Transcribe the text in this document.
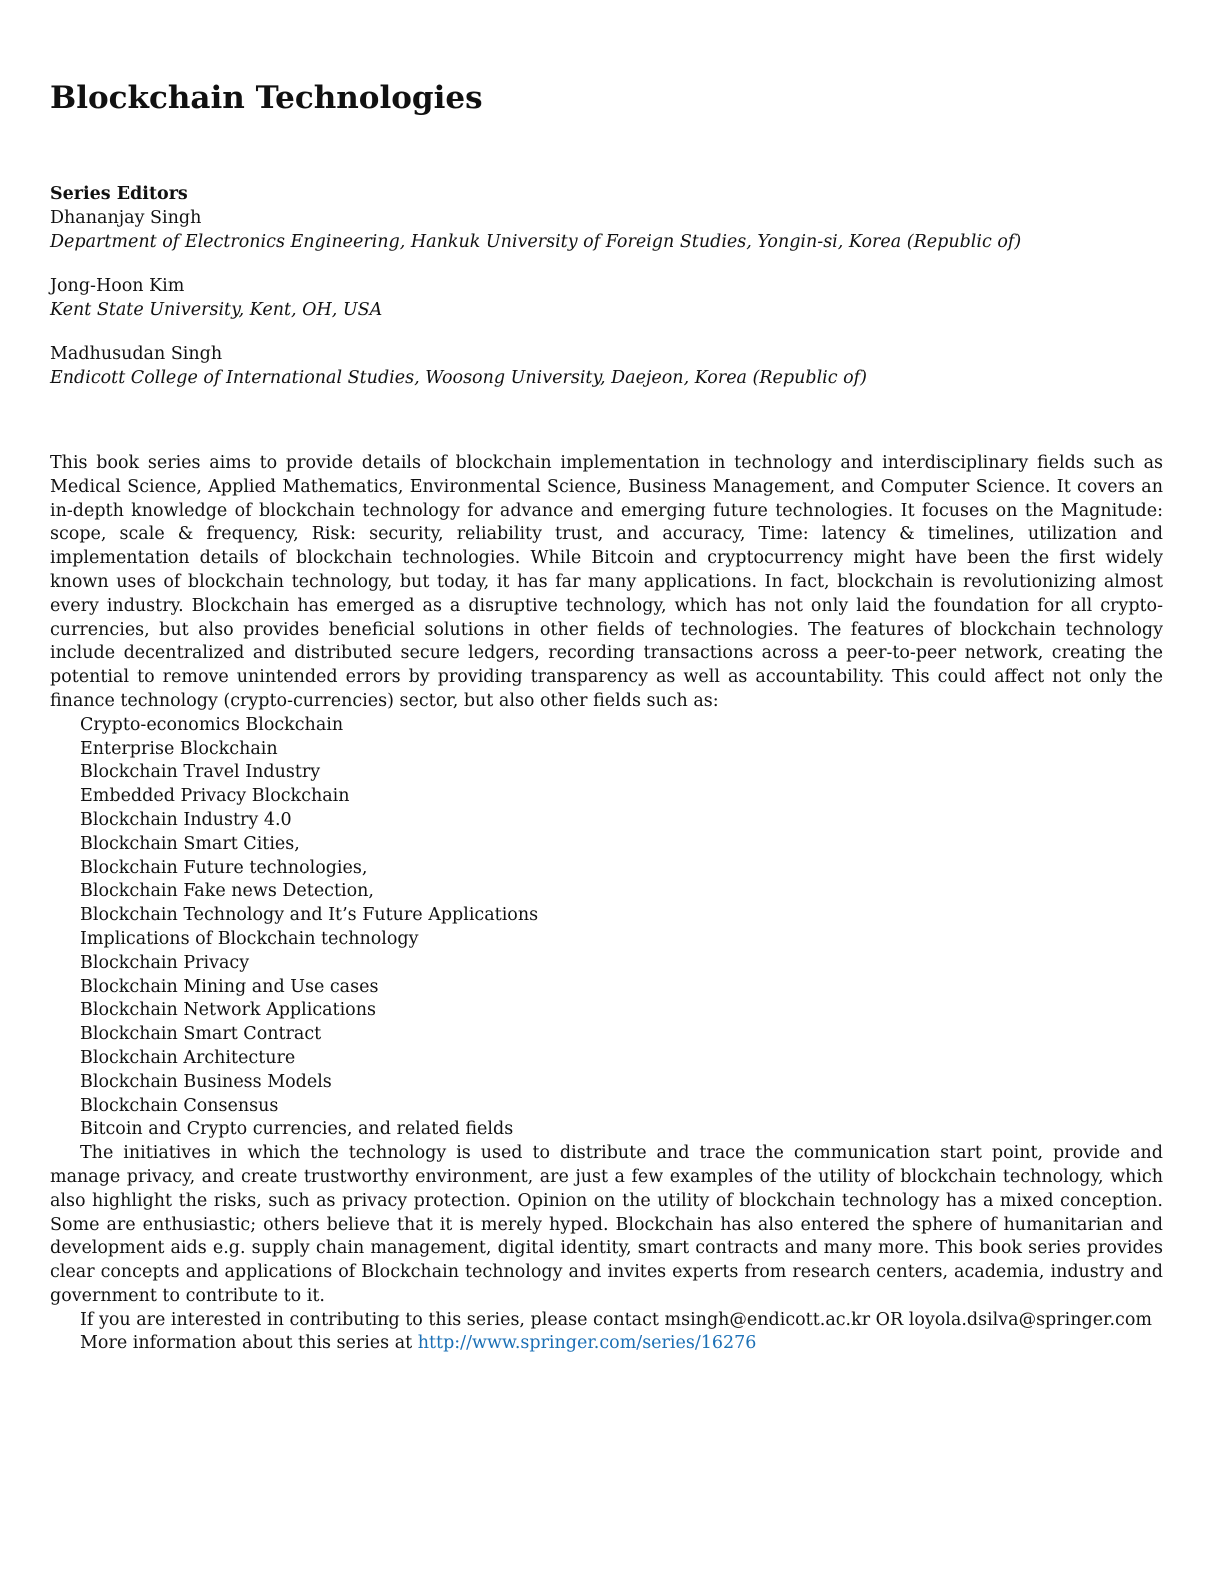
Blockchain Technologies
Series Editors
Dhananjay Singh
Department of Electronics Engineering, Hankuk University of Foreign Studies, Yongin-si, Korea (Republic of)
Jong-Hoon Kim
Kent State University, Kent, OH, USA
Madhusudan Singh
Endicott College of International Studies, Woosong University, Daejeon, Korea (Republic of)

This book series aims to provide details of blockchain implementation in technology and interdisciplinary fields such as Medical Science, Applied Mathematics, Environmental Science, Business Management, and Computer Science. It covers an in-depth knowledge of blockchain technology for advance and emerging future technologies. It focuses on the Magnitude: scope, scale & frequency, Risk: security, reliability trust, and accuracy, Time: latency & timelines, utilization and implementation details of blockchain technologies. While Bitcoin and cryptocurrency might have been the first widely known uses of blockchain technology, but today, it has far many applications. In fact, blockchain is revolutionizing almost every industry. Blockchain has emerged as a disruptive technology, which has not only laid the foundation for all crypto-currencies, but also provides beneficial solutions in other fields of technologies. The features of blockchain technology include decentralized and distributed secure ledgers, recording transactions across a peer-to-peer network, creating the potential to remove unintended errors by providing transparency as well as accountability. This could affect not only the finance technology (crypto-currencies) sector, but also other fields such as:

Crypto-economics Blockchain
Enterprise Blockchain
Blockchain Travel Industry
Embedded Privacy Blockchain
Blockchain Industry 4.0
Blockchain Smart Cities,
Blockchain Future technologies,
Blockchain Fake news Detection,
Blockchain Technology and It’s Future Applications
Implications of Blockchain technology
Blockchain Privacy
Blockchain Mining and Use cases
Blockchain Network Applications
Blockchain Smart Contract
Blockchain Architecture
Blockchain Business Models
Blockchain Consensus
Bitcoin and Crypto currencies, and related fields

The initiatives in which the technology is used to distribute and trace the communication start point, provide and manage privacy, and create trustworthy environment, are just a few examples of the utility of blockchain technology, which also highlight the risks, such as privacy protection. Opinion on the utility of blockchain technology has a mixed conception. Some are enthusiastic; others believe that it is merely hyped. Blockchain has also entered the sphere of humanitarian and development aids e.g. supply chain management, digital identity, smart contracts and many more. This book series provides clear concepts and applications of Blockchain technology and invites experts from research centers, academia, industry and government to contribute to it.

If you are interested in contributing to this series, please contact msingh@endicott.ac.kr OR loyola.dsilva@springer.com

More information about this series at http://www.springer.com/series/16276
